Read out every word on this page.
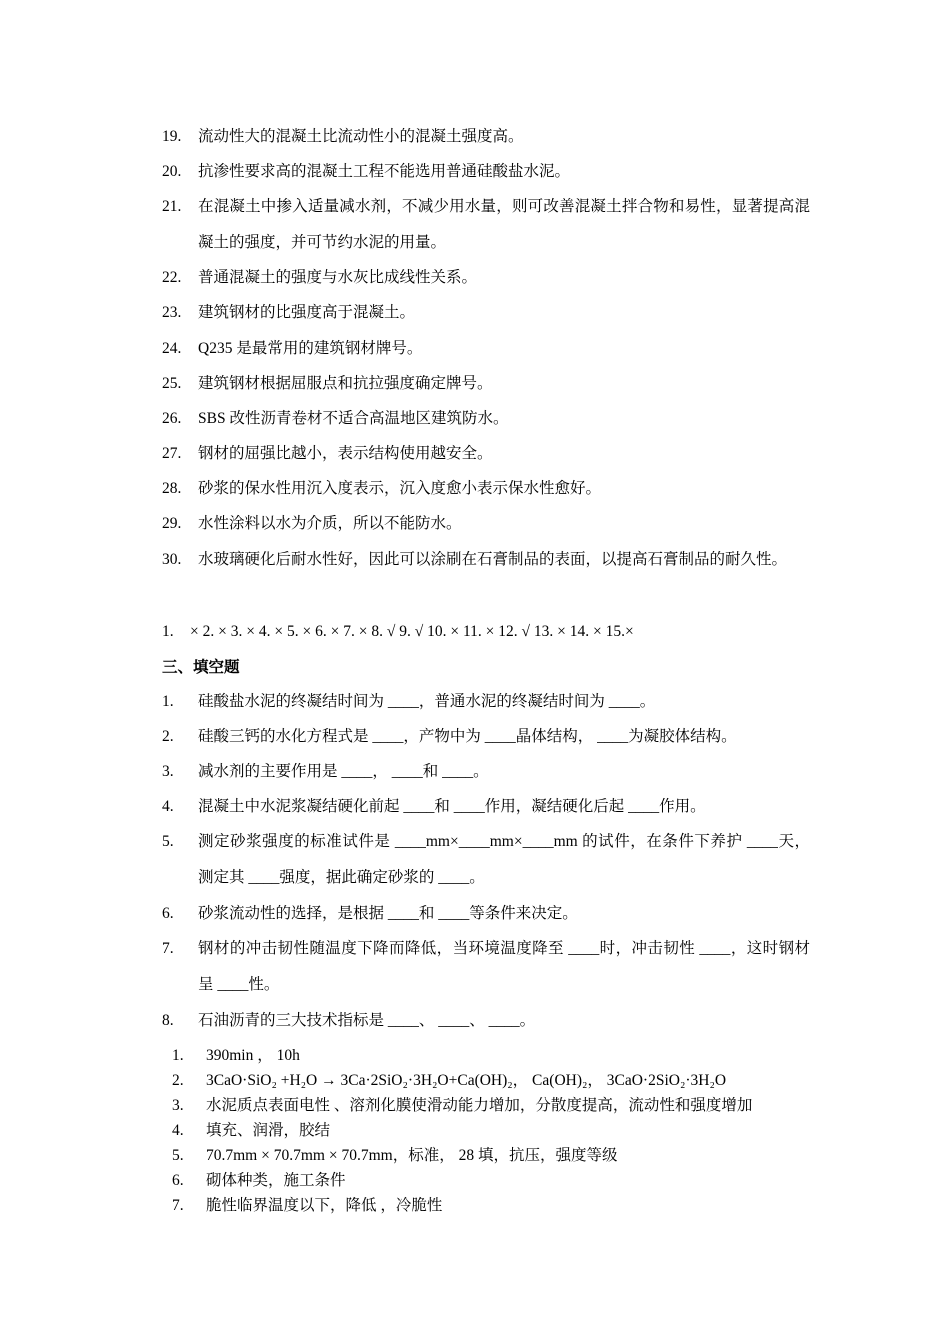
19. 流动性大的混凝土比流动性小的混凝土强度高。
20. 抗渗性要求高的混凝土工程不能选用普通硅酸盐水泥。
21. 在混凝土中掺入适量减水剂，不减少用水量，则可改善混凝土拌合物和易性，显著提高混凝土的强度，并可节约水泥的用量。
22. 普通混凝土的强度与水灰比成线性关系。
23. 建筑钢材的比强度高于混凝土。
24. Q235 是最常用的建筑钢材牌号。
25. 建筑钢材根据屈服点和抗拉强度确定牌号。
26. SBS 改性沥青卷材不适合高温地区建筑防水。
27. 钢材的屈强比越小，表示结构使用越安全。
28. 砂浆的保水性用沉入度表示，沉入度愈小表示保水性愈好。
29. 水性涂料以水为介质，所以不能防水。
30. 水玻璃硬化后耐水性好，因此可以涂刷在石膏制品的表面，以提高石膏制品的耐久性。
1. × 2. × 3. × 4. × 5. × 6. × 7. × 8. √ 9. √ 10. × 11. × 12. √ 13. × 14. × 15.×
三、填空题
1. 硅酸盐水泥的终凝结时间为 ____，普通水泥的终凝结时间为 ____。
2. 硅酸三钙的水化方程式是 ____，产物中为 ____晶体结构， ____为凝胶体结构。
3. 减水剂的主要作用是 ____， ____和 ____。
4. 混凝土中水泥浆凝结硬化前起 ____和 ____作用，凝结硬化后起 ____作用。
5. 测定砂浆强度的标准试件是 ____mm×____mm×____mm 的试件，在条件下养护 ____天，测定其 ____强度，据此确定砂浆的 ____。
6. 砂浆流动性的选择，是根据 ____和 ____等条件来决定。
7. 钢材的冲击韧性随温度下降而降低，当环境温度降至 ____时，冲击韧性 ____，这时钢材呈 ____性。
8. 石油沥青的三大技术指标是 ____、 ____、 ____。
1. 390min ， 10h
2. 3CaO·SiO₂ +H₂O → 3Ca·2SiO₂·3H₂O+Ca(OH)₂， Ca(OH)₂， 3CaO·2SiO₂·3H₂O
3. 水泥质点表面电性 、溶剂化膜使滑动能力增加，分散度提高，流动性和强度增加
4. 填充、润滑，胶结
5. 70.7mm × 70.7mm × 70.7mm，标准， 28 填，抗压，强度等级
6. 砌体种类，施工条件
7. 脆性临界温度以下，降低 ，冷脆性
